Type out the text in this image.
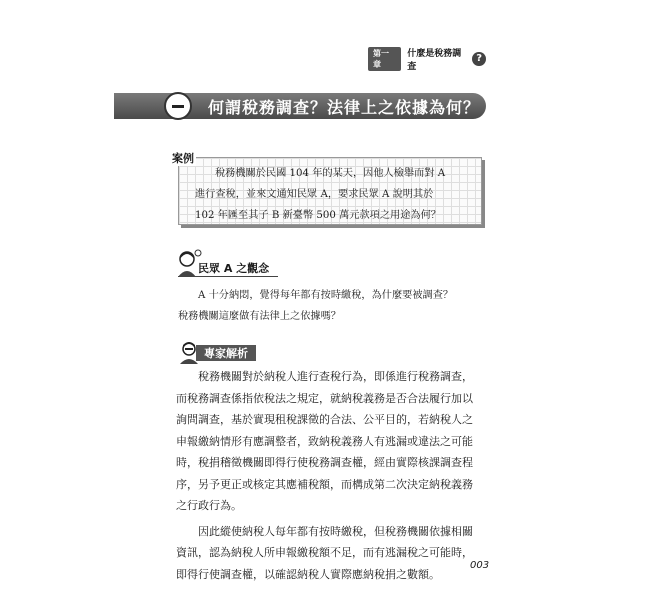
第一章
什麼是稅務調查
?
何謂稅務調查？法律上之依據為何？
案例

稅務機關於民國 104 年的某天，因他人檢舉而對 A

進行查稅，並來文通知民眾 A，要求民眾 A 說明其於

102 年匯至其子 B 新臺幣 500 萬元款項之用途為何？

民眾 A 之觀念

A 十分納悶，覺得每年都有按時繳稅，為什麼要被調查？

稅務機關這麼做有法律上之依據嗎？

專家解析

稅務機關對於納稅人進行查稅行為，即係進行稅務調查，而稅務調查係指依稅法之規定，就納稅義務是否合法履行加以詢問調查，基於實現租稅課徵的合法、公平目的，若納稅人之申報繳納情形有應調整者，致納稅義務人有逃漏或違法之可能時，稅捐稽徵機關即得行使稅務調查權，經由實際核課調查程序，另予更正或核定其應補稅額，而構成第二次決定納稅義務之行政行為。

因此縱使納稅人每年都有按時繳稅，但稅務機關依據相關資訊，認為納稅人所申報繳稅額不足，而有逃漏稅之可能時，即得行使調查權，以確認納稅人實際應納稅捐之數額。

003
